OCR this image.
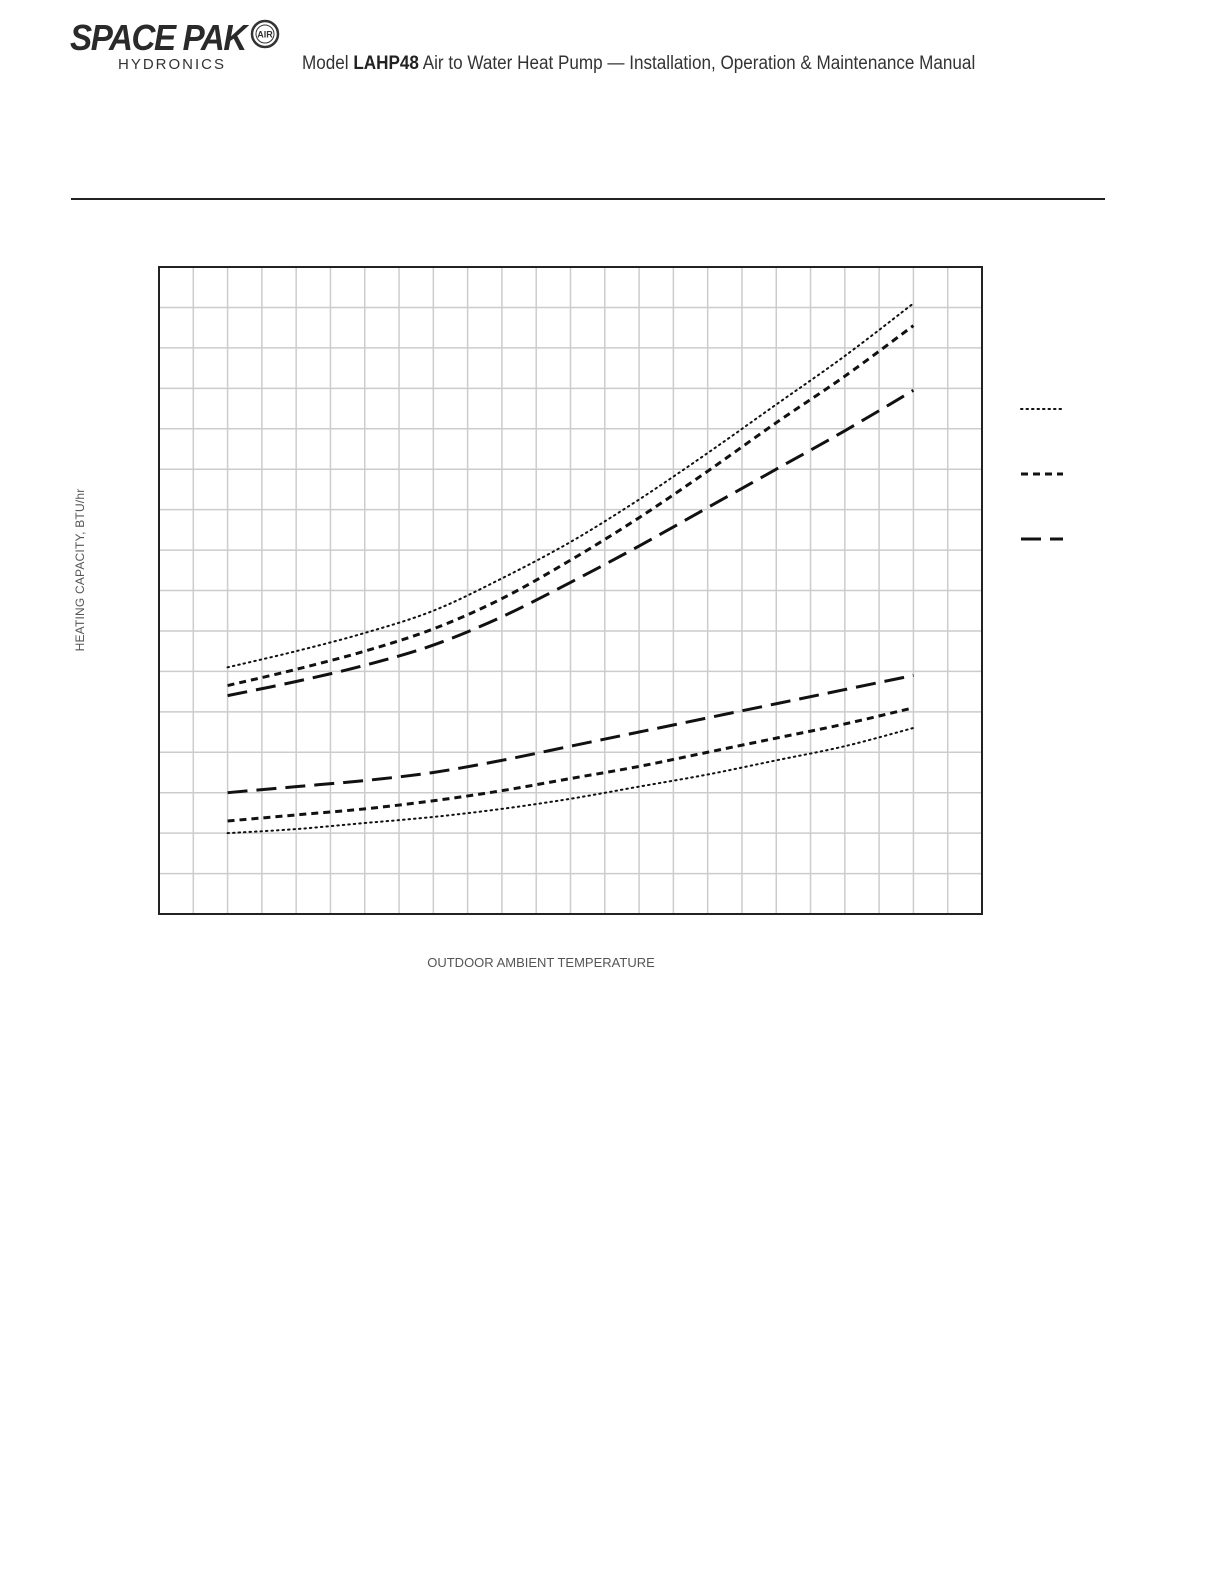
SPACE PAK
HYDRONICS
AIR
Model LAHP48 Air to Water Heat Pump — Installation, Operation & Maintenance Manual
HEATING CAPACITY, BTU/hr
OUTDOOR AMBIENT TEMPERATURE
